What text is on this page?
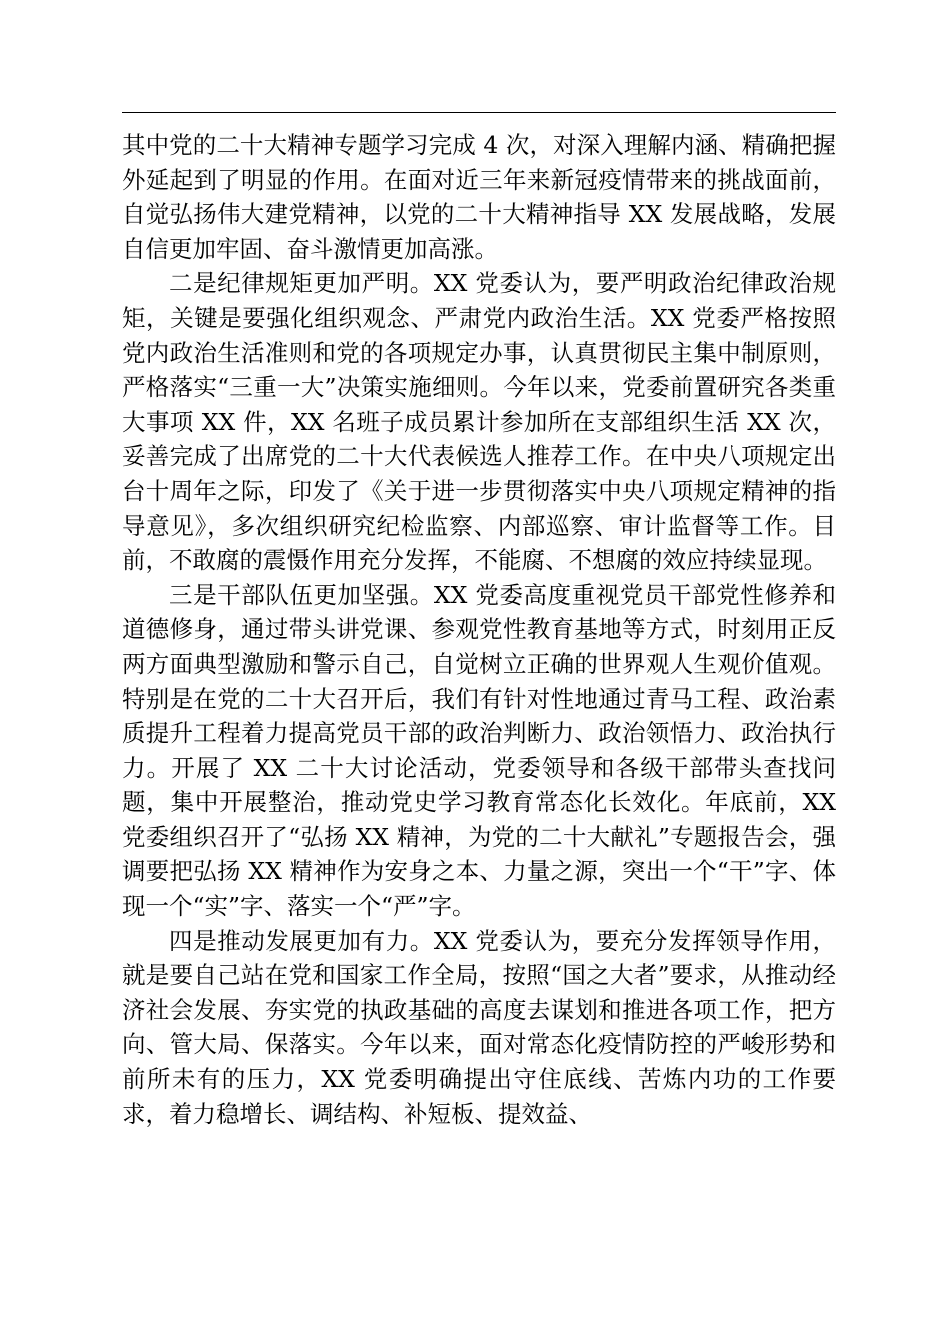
其中党的二十大精神专题学习完成 4 次，对深入理解内涵、精确把握外延起到了明显的作用。在面对近三年来新冠疫情带来的挑战面前，自觉弘扬伟大建党精神，以党的二十大精神指导 XX 发展战略，发展自信更加牢固、奋斗激情更加高涨。

二是纪律规矩更加严明。XX 党委认为，要严明政治纪律政治规矩，关键是要强化组织观念、严肃党内政治生活。XX 党委严格按照党内政治生活准则和党的各项规定办事，认真贯彻民主集中制原则，严格落实“三重一大”决策实施细则。今年以来，党委前置研究各类重大事项 XX 件，XX 名班子成员累计参加所在支部组织生活 XX 次，妥善完成了出席党的二十大代表候选人推荐工作。在中央八项规定出台十周年之际，印发了《关于进一步贯彻落实中央八项规定精神的指导意见》，多次组织研究纪检监察、内部巡察、审计监督等工作。目前，不敢腐的震慑作用充分发挥，不能腐、不想腐的效应持续显现。

三是干部队伍更加坚强。XX 党委高度重视党员干部党性修养和道德修身，通过带头讲党课、参观党性教育基地等方式，时刻用正反两方面典型激励和警示自己，自觉树立正确的世界观人生观价值观。特别是在党的二十大召开后，我们有针对性地通过青马工程、政治素质提升工程着力提高党员干部的政治判断力、政治领悟力、政治执行力。开展了 XX 二十大讨论活动，党委领导和各级干部带头查找问题，集中开展整治，推动党史学习教育常态化长效化。年底前，XX 党委组织召开了“弘扬 XX 精神，为党的二十大献礼”专题报告会，强调要把弘扬 XX 精神作为安身之本、力量之源，突出一个“干”字、体现一个“实”字、落实一个“严”字。

四是推动发展更加有力。XX 党委认为，要充分发挥领导作用，就是要自己站在党和国家工作全局，按照“国之大者”要求，从推动经济社会发展、夯实党的执政基础的高度去谋划和推进各项工作，把方向、管大局、保落实。今年以来，面对常态化疫情防控的严峻形势和前所未有的压力，XX 党委明确提出守住底线、苦炼内功的工作要求，着力稳增长、调结构、补短板、提效益、
